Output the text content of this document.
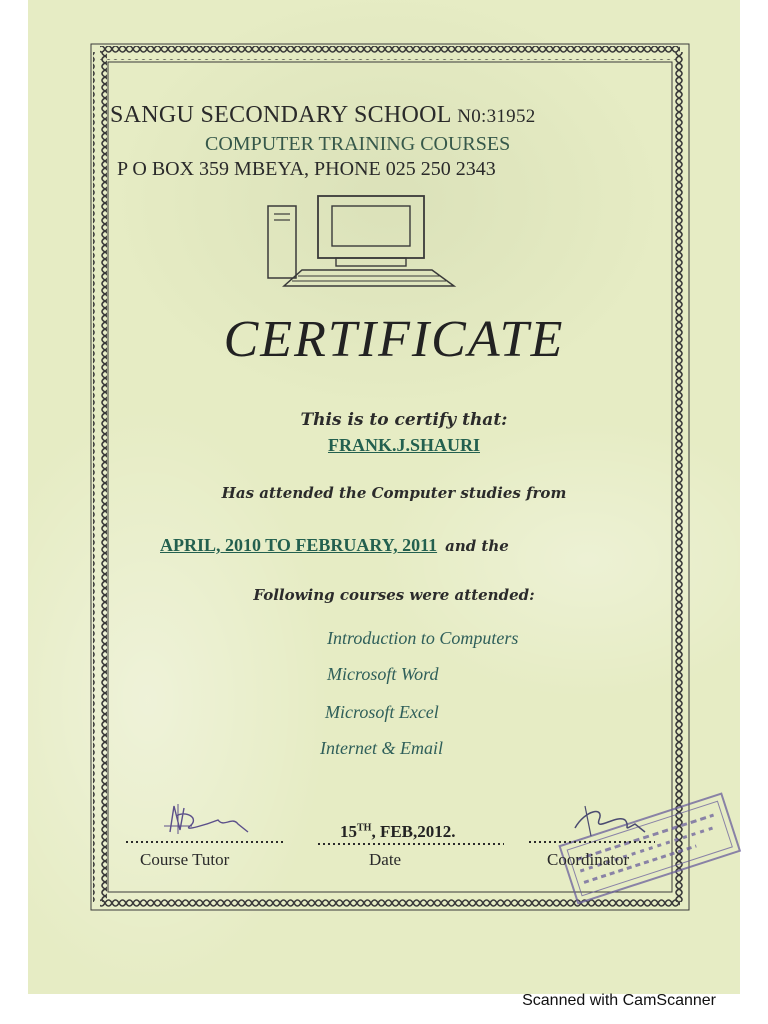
SANGU SECONDARY SCHOOL N0:31952
COMPUTER TRAINING COURSES
P O BOX 359 MBEYA, PHONE 025 250 2343
CERTIFICATE
This is to certify that:
FRANK.J.SHAURI
Has attended the Computer studies from
APRIL, 2010 TO FEBRUARY, 2011 and the
Following courses were attended:
Introduction to Computers
Microsoft Word
Microsoft Excel
Internet & Email
Course Tutor
15TH, FEB,2012.
Date	Coordinator
Scanned with CamScanner
